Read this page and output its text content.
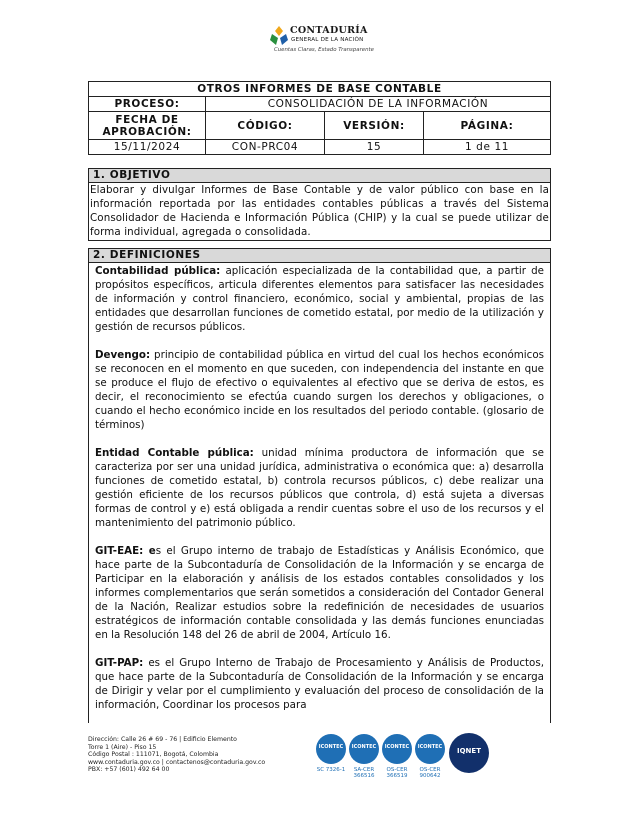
CONTADURÍA
GENERAL DE LA NACIÓN
Cuentas Claras, Estado Transparente
OTROS INFORMES DE BASE CONTABLE			
PROCESO:	CONSOLIDACIÓN DE LA INFORMACIÓN		
FECHA DE APROBACIÓN:	CÓDIGO:	VERSIÓN:	PÁGINA:
15/11/2024	CON-PRC04	15	1 de 11
1. OBJETIVO
Elaborar y divulgar Informes de Base Contable y de valor público con base en la información reportada por las entidades contables públicas a través del Sistema Consolidador de Hacienda e Información Pública (CHIP) y la cual se puede utilizar de forma individual, agregada o consolidada.
2. DEFINICIONES

Contabilidad pública: aplicación especializada de la contabilidad que, a partir de propósitos específicos, articula diferentes elementos para satisfacer las necesidades de información y control financiero, económico, social y ambiental, propias de las entidades que desarrollan funciones de cometido estatal, por medio de la utilización y gestión de recursos públicos.

Devengo: principio de contabilidad pública en virtud del cual los hechos económicos se reconocen en el momento en que suceden, con independencia del instante en que se produce el flujo de efectivo o equivalentes al efectivo que se deriva de estos, es decir, el reconocimiento se efectúa cuando surgen los derechos y obligaciones, o cuando el hecho económico incide en los resultados del periodo contable. (glosario de términos)

Entidad Contable pública: unidad mínima productora de información que se caracteriza por ser una unidad jurídica, administrativa o económica que: a) desarrolla funciones de cometido estatal, b) controla recursos públicos, c) debe realizar una gestión eficiente de los recursos públicos que controla, d) está sujeta a diversas formas de control y e) está obligada a rendir cuentas sobre el uso de los recursos y el mantenimiento del patrimonio público.

GIT-EAE: es el Grupo interno de trabajo de Estadísticas y Análisis Económico, que hace parte de la Subcontaduría de Consolidación de la Información y se encarga de Participar en la elaboración y análisis de los estados contables consolidados y los informes complementarios que serán sometidos a consideración del Contador General de la Nación, Realizar estudios sobre la redefinición de necesidades de usuarios estratégicos de información contable consolidada y las demás funciones enunciadas en la Resolución 148 del 26 de abril de 2004, Artículo 16.

GIT-PAP: es el Grupo Interno de Trabajo de Procesamiento y Análisis de Productos, que hace parte de la Subcontaduría de Consolidación de la Información y se encarga de Dirigir y velar por el cumplimiento y evaluación del proceso de consolidación de la información, Coordinar los procesos para

Dirección: Calle 26 # 69 - 76 | Edificio Elemento
Torre 1 (Aire) - Piso 15
Código Postal : 111071, Bogotá, Colombia
www.contaduria.gov.co | contactenos@contaduria.gov.co
PBX: +57 (601) 492 64 00
ICONTEC
SC 7326-1
ICONTEC
SA-CER 366516
ICONTEC
OS-CER 366519
ICONTEC
OS-CER 900642
IQNET
